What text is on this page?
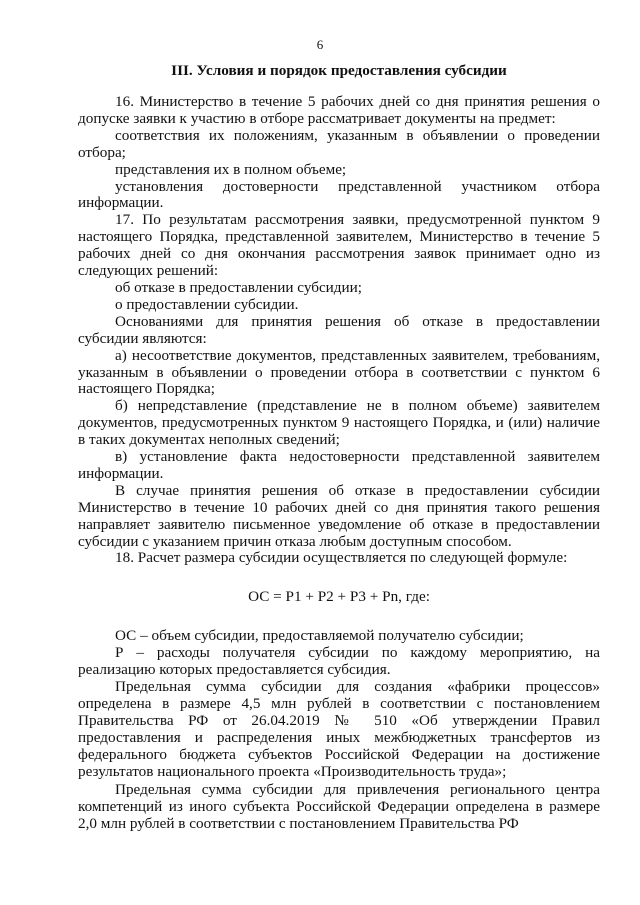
6
III. Условия и порядок предоставления субсидии

16. Министерство в течение 5 рабочих дней со дня принятия решения о допуске заявки к участию в отборе рассматривает документы на предмет:

соответствия их положениям, указанным в объявлении о проведении отбора;

представления их в полном объеме;

установления достоверности представленной участником отбора информации.

17. По результатам рассмотрения заявки, предусмотренной пунктом 9 настоящего Порядка, представленной заявителем, Министерство в течение 5 рабочих дней со дня окончания рассмотрения заявок принимает одно из следующих решений:

об отказе в предоставлении субсидии;

о предоставлении субсидии.

Основаниями для принятия решения об отказе в предоставлении субсидии являются:

а) несоответствие документов, представленных заявителем, требованиям, указанным в объявлении о проведении отбора в соответствии с пунктом 6 настоящего Порядка;

б) непредставление (представление не в полном объеме) заявителем документов, предусмотренных пунктом 9 настоящего Порядка, и (или) наличие в таких документах неполных сведений;

в) установление факта недостоверности представленной заявителем информации.

В случае принятия решения об отказе в предоставлении субсидии Министерство в течение 10 рабочих дней со дня принятия такого решения направляет заявителю письменное уведомление об отказе в предоставлении субсидии с указанием причин отказа любым доступным способом.

18. Расчет размера субсидии осуществляется по следующей формуле:

ОС = Р1 + Р2 + Р3 + Рn, где:

ОС – объем субсидии, предоставляемой получателю субсидии;

Р – расходы получателя субсидии по каждому мероприятию, на реализацию которых предоставляется субсидия.

Предельная сумма субсидии для создания «фабрики процессов» определена в размере 4,5 млн рублей в соответствии с постановлением Правительства РФ от 26.04.2019 № 510 «Об утверждении Правил предоставления и распределения иных межбюджетных трансфертов из федерального бюджета субъектов Российской Федерации на достижение результатов национального проекта «Производительность труда»;

Предельная сумма субсидии для привлечения регионального центра компетенций из иного субъекта Российской Федерации определена в размере 2,0 млн рублей в соответствии с постановлением Правительства РФ
